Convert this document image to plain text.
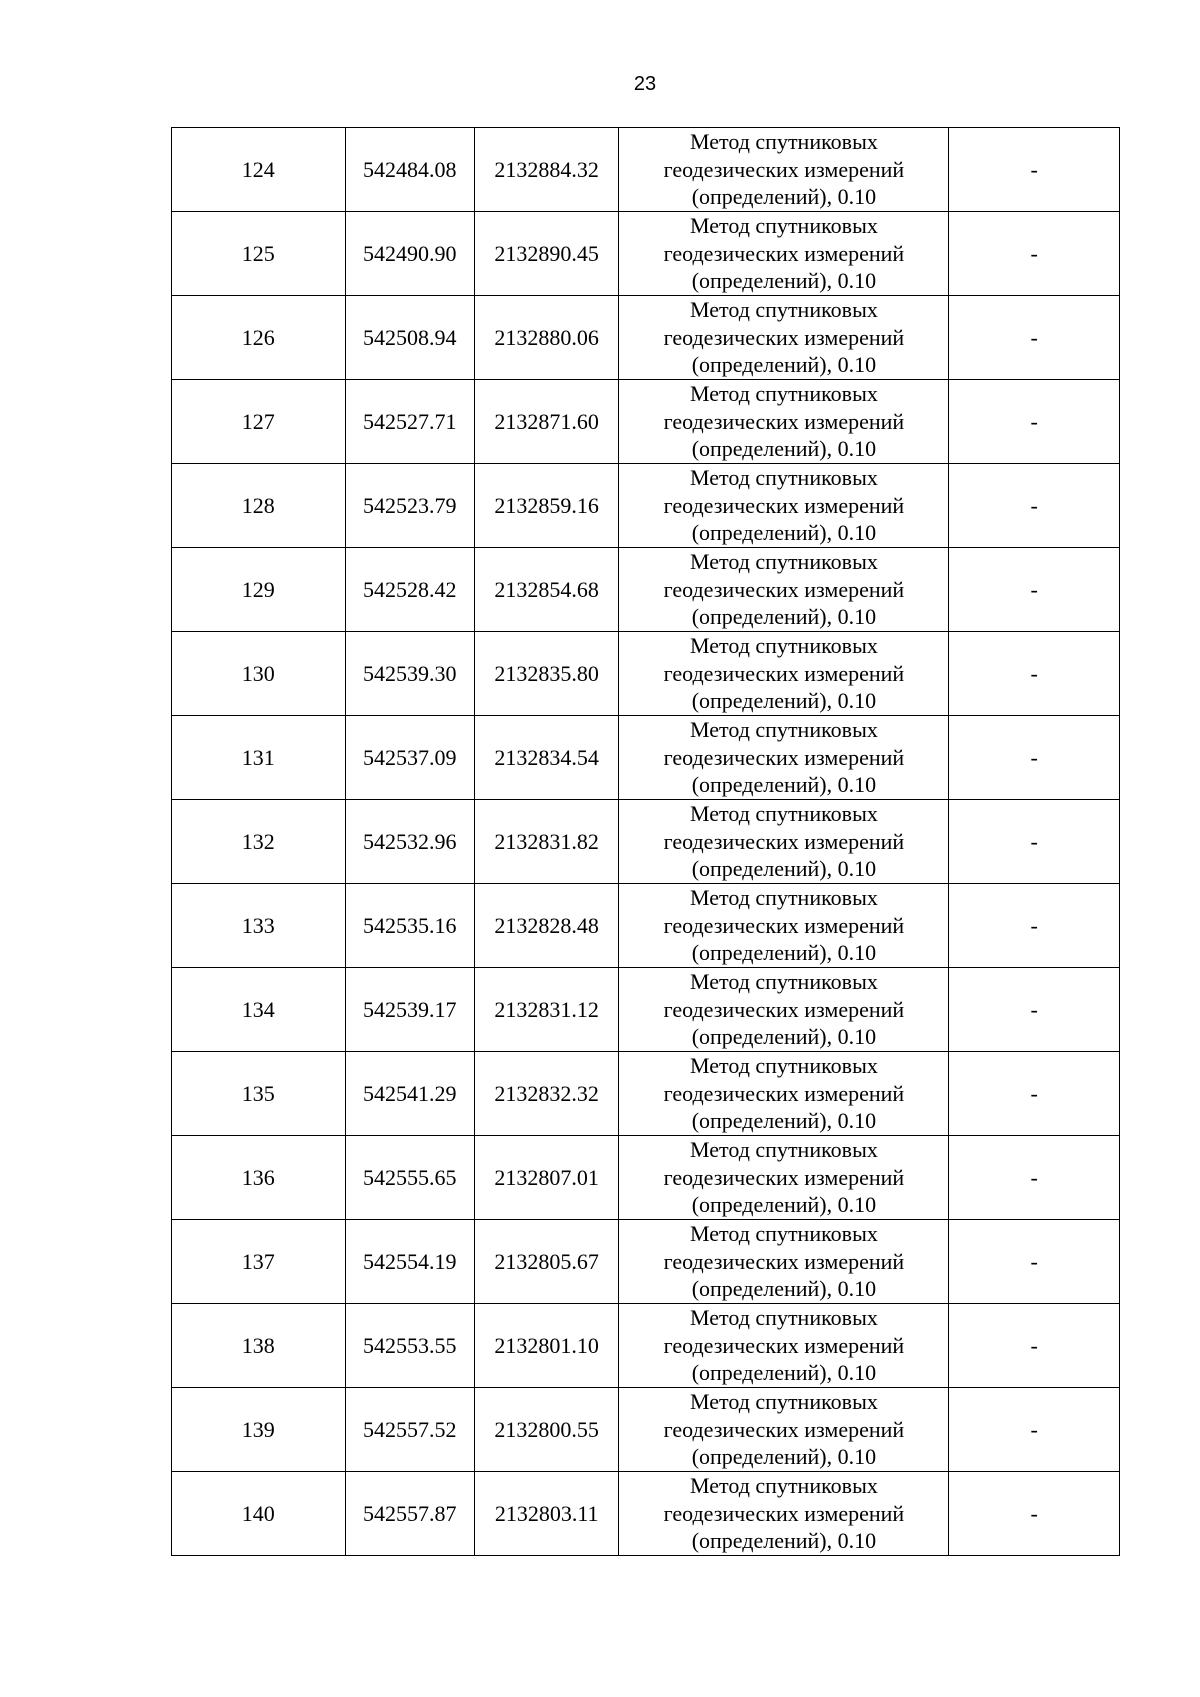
23
124	542484.08	2132884.32	Метод спутниковых
геодезических измерений
(определений), 0.10	-
125	542490.90	2132890.45	Метод спутниковых
геодезических измерений
(определений), 0.10	-
126	542508.94	2132880.06	Метод спутниковых
геодезических измерений
(определений), 0.10	-
127	542527.71	2132871.60	Метод спутниковых
геодезических измерений
(определений), 0.10	-
128	542523.79	2132859.16	Метод спутниковых
геодезических измерений
(определений), 0.10	-
129	542528.42	2132854.68	Метод спутниковых
геодезических измерений
(определений), 0.10	-
130	542539.30	2132835.80	Метод спутниковых
геодезических измерений
(определений), 0.10	-
131	542537.09	2132834.54	Метод спутниковых
геодезических измерений
(определений), 0.10	-
132	542532.96	2132831.82	Метод спутниковых
геодезических измерений
(определений), 0.10	-
133	542535.16	2132828.48	Метод спутниковых
геодезических измерений
(определений), 0.10	-
134	542539.17	2132831.12	Метод спутниковых
геодезических измерений
(определений), 0.10	-
135	542541.29	2132832.32	Метод спутниковых
геодезических измерений
(определений), 0.10	-
136	542555.65	2132807.01	Метод спутниковых
геодезических измерений
(определений), 0.10	-
137	542554.19	2132805.67	Метод спутниковых
геодезических измерений
(определений), 0.10	-
138	542553.55	2132801.10	Метод спутниковых
геодезических измерений
(определений), 0.10	-
139	542557.52	2132800.55	Метод спутниковых
геодезических измерений
(определений), 0.10	-
140	542557.87	2132803.11	Метод спутниковых
геодезических измерений
(определений), 0.10	-
